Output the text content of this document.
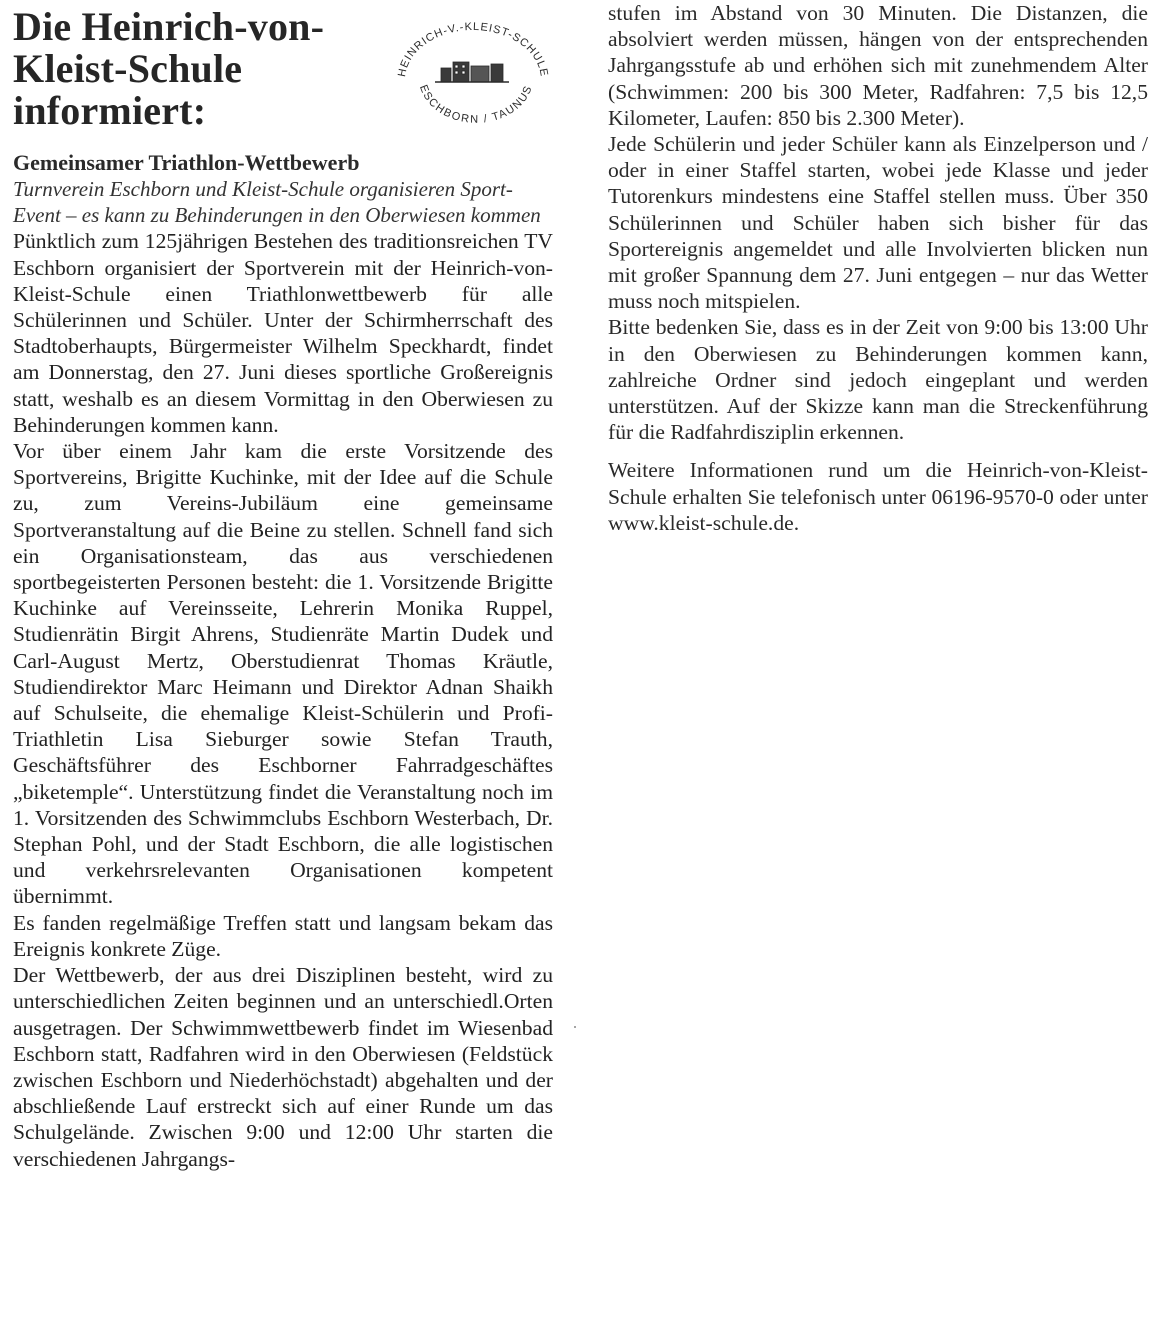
Die Heinrich-von-
Kleist-Schule
informiert:
HEINRICH-V.-KLEIST-SCHULE
ESCHBORN / TAUNUS
Gemeinsamer Triathlon-Wettbewerb

Turnverein Eschborn und Kleist-Schule organisieren Sport-Event – es kann zu Behinderungen in den Oberwiesen kommen

Pünktlich zum 125jährigen Bestehen des traditionsreichen TV Eschborn organisiert der Sportverein mit der Heinrich-von-Kleist-Schule einen Triathlonwettbewerb für alle Schülerinnen und Schüler. Unter der Schirmherrschaft des Stadtoberhaupts, Bürgermeister Wilhelm Speckhardt, findet am Donnerstag, den 27. Juni dieses sportliche Großereignis statt, weshalb es an diesem Vormittag in den Oberwiesen zu Behinderungen kommen kann.

Vor über einem Jahr kam die erste Vorsitzende des Sportvereins, Brigitte Kuchinke, mit der Idee auf die Schule zu, zum Vereins-Jubiläum eine gemeinsame Sportveranstaltung auf die Beine zu stellen. Schnell fand sich ein Organisationsteam, das aus verschiedenen sportbegeisterten Personen besteht: die 1. Vorsitzende Brigitte Kuchinke auf Vereinsseite, Lehrerin Monika Ruppel, Studienrätin Birgit Ahrens, Studienräte Martin Dudek und Carl-August Mertz, Oberstudienrat Thomas Kräutle, Studiendirektor Marc Heimann und Direktor Adnan Shaikh auf Schulseite, die ehemalige Kleist-Schülerin und Profi-Triathletin Lisa Sieburger sowie Stefan Trauth, Geschäftsführer des Eschborner Fahrradgeschäftes „biketemple“. Unterstützung findet die Veranstaltung noch im 1. Vorsitzenden des Schwimmclubs Eschborn Westerbach, Dr. Stephan Pohl, und der Stadt Eschborn, die alle logistischen und verkehrsrelevanten Organisationen kompetent übernimmt.

Es fanden regelmäßige Treffen statt und langsam bekam das Ereignis konkrete Züge.

Der Wettbewerb, der aus drei Disziplinen besteht, wird zu unterschiedlichen Zeiten beginnen und an unterschiedl.Orten ausgetragen. Der Schwimmwettbewerb findet im Wiesenbad Eschborn statt, Radfahren wird in den Oberwiesen (Feldstück zwischen Eschborn und Niederhöchstadt) abgehalten und der abschließende Lauf erstreckt sich auf einer Runde um das Schulgelände. Zwischen 9:00 und 12:00 Uhr starten die verschiedenen Jahrgangs-

stufen im Abstand von 30 Minuten. Die Distanzen, die absolviert werden müssen, hängen von der entsprechenden Jahrgangsstufe ab und erhöhen sich mit zunehmendem Alter (Schwimmen: 200 bis 300 Meter, Radfahren: 7,5 bis 12,5 Kilometer, Laufen: 850 bis 2.300 Meter).

Jede Schülerin und jeder Schüler kann als Einzelperson und / oder in einer Staffel starten, wobei jede Klasse und jeder Tutorenkurs mindestens eine Staffel stellen muss. Über 350 Schülerinnen und Schüler haben sich bisher für das Sportereignis angemeldet und alle Involvierten blicken nun mit großer Spannung dem 27. Juni entgegen – nur das Wetter muss noch mitspielen.

Bitte bedenken Sie, dass es in der Zeit von 9:00 bis 13:00 Uhr in den Oberwiesen zu Behinderungen kommen kann, zahlreiche Ordner sind jedoch eingeplant und werden unterstützen. Auf der Skizze kann man die Streckenführung für die Radfahrdisziplin erkennen.

Weitere Informationen rund um die Heinrich-von-Kleist-Schule erhalten Sie telefonisch unter 06196-9570-0 oder unter www.kleist-schule.de.
